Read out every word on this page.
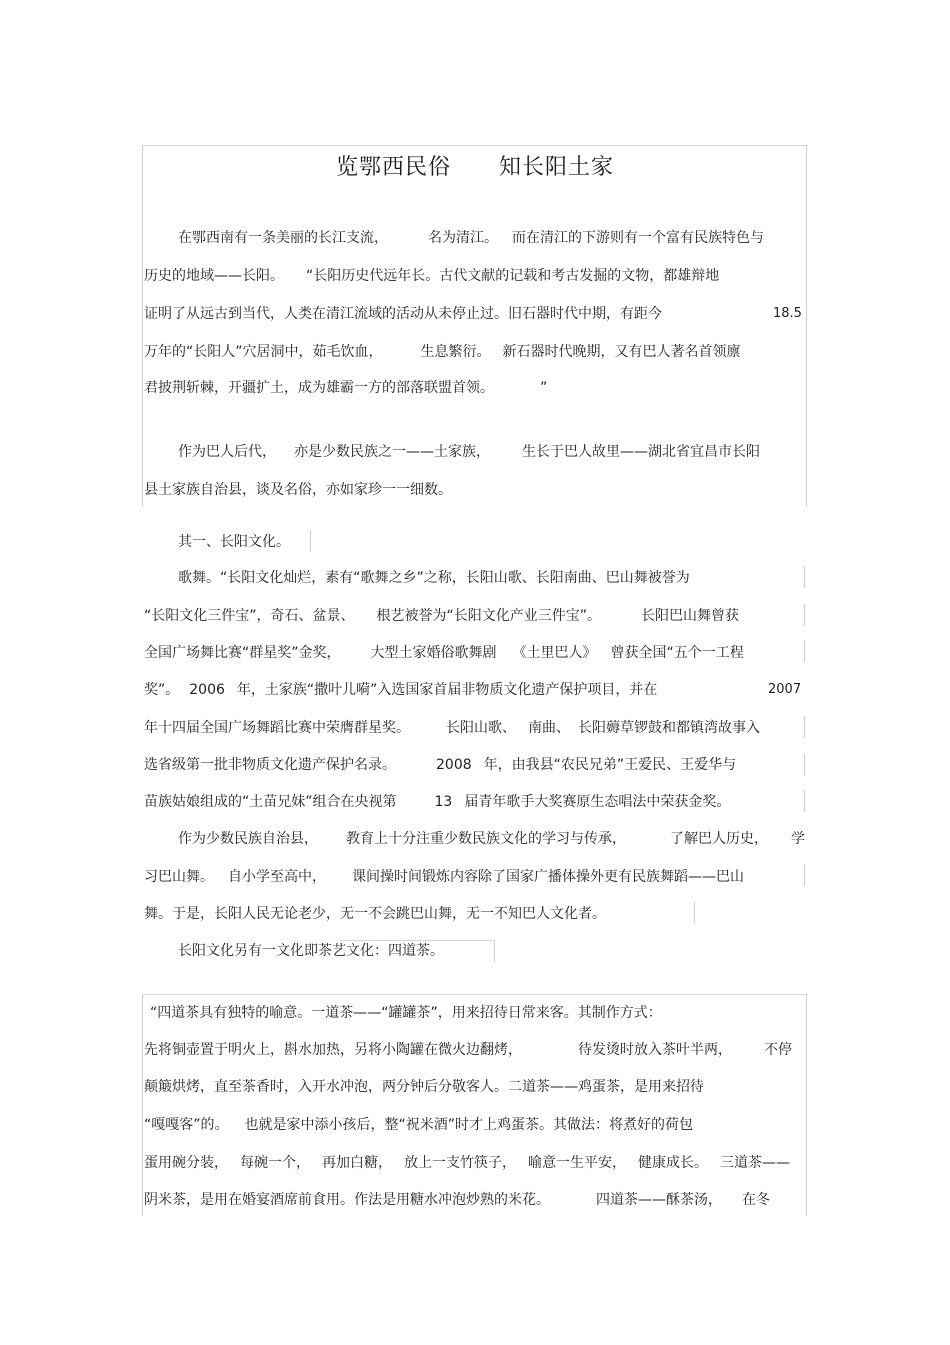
览鄂西民俗      知长阳土家
在鄂西南有一条美丽的长江支流，	名为清江。 而在清江的下游则有一个富有民族特色与
历史的地域——长阳。 “长阳历史代远年长。古代文献的记载和考古发掘的文物，都雄辩地
证明了从远古到当代，人类在清江流域的活动从未停止过。旧石器时代中期，有距今	18.5
万年的“长阳人”穴居洞中，茹毛饮血，	生息繁衍。 新石器时代晚期，又有巴人著名首领廪
君披荆斩棘，开疆扩土，成为雄霸一方的部落联盟首领。	”
作为巴人后代， 亦是少数民族之一——土家族， 生长于巴人故里——湖北省宜昌市长阳
县土家族自治县，谈及名俗，亦如家珍一一细数。
其一、长阳文化。
歌舞。“长阳文化灿烂，素有“歌舞之乡”之称，长阳山歌、长阳南曲、巴山舞被誉为
“长阳文化三件宝”，奇石、盆景、 根艺被誉为“长阳文化产业三件宝”。	长阳巴山舞曾获
全国广场舞比赛“群星奖”金奖， 大型土家婚俗歌舞剧 《土里巴人》 曾获全国“五个一工程
奖”。 2006 年，土家族“撒叶儿嗬”入选国家首届非物质文化遗产保护项目，并在	2007
年十四届全国广场舞蹈比赛中荣膺群星奖。	长阳山歌、 南曲、 长阳薅草锣鼓和都镇湾故事入
选省级第一批非物质文化遗产保护名录。	2008 年，由我县“农民兄弟”王爱民、王爱华与
苗族姑娘组成的“土苗兄妹”组合在央视第	13 届青年歌手大奖赛原生态唱法中荣获金奖。
作为少数民族自治县， 教育上十分注重少数民族文化的学习与传承，	了解巴人历史， 学
习巴山舞。 自小学至高中， 课间操时间锻炼内容除了国家广播体操外更有民族舞蹈——巴山
舞。于是，长阳人民无论老少，无一不会跳巴山舞，无一不知巴人文化者。
长阳文化另有一文化即茶艺文化：四道茶。
“四道茶具有独特的喻意。一道茶——“罐罐茶”，用来招待日常来客。其制作方式：
先将铜壶置于明火上，斟水加热，另将小陶罐在微火边翻烤，	待发烫时放入茶叶半两， 不停
颠簸烘烤，直至茶香时，入开水冲泡，两分钟后分敬客人。二道茶——鸡蛋茶，是用来招待
“嘎嘎客”的。 也就是家中添小孩后，整“祝米酒”时才上鸡蛋茶。其做法：将煮好的荷包
蛋用碗分装， 每碗一个， 再加白糖， 放上一支竹筷子， 喻意一生平安， 健康成长。 三道茶——
阴米茶，是用在婚宴酒席前食用。作法是用糖水冲泡炒熟的米花。	四道茶——酥茶汤， 在冬
